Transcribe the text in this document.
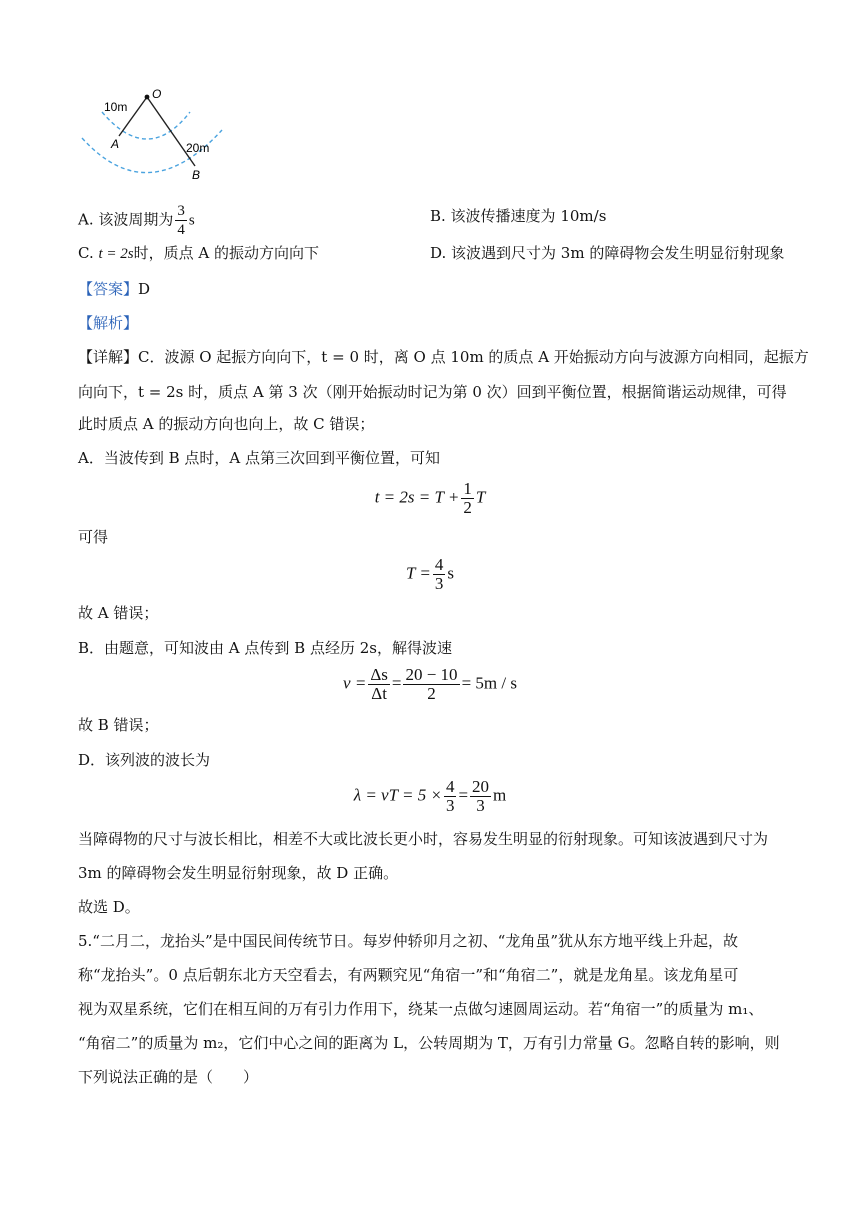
O
10m
A	20m
B
A. 该波周期为 $\frac{3}{4}$ s	B. 该波传播速度为 10m/s
C. t = 2s时，质点 A 的振动方向向下	D. 该波遇到尺寸为 3m 的障碍物会发生明显衍射现象
【答案】D
【解析】
【详解】C．波源 O 起振方向向下，t = 0 时，离 O 点 10m 的质点 A 开始振动方向与波源方向相同，起振方
向向下，t = 2s 时，质点 A 第 3 次（刚开始振动时记为第 0 次）回到平衡位置，根据简谐运动规律，可得
此时质点 A 的振动方向也向上，故 C 错误；
A．当波传到 B 点时，A 点第三次回到平衡位置，可知
$t = 2s = T + \frac{1}{2}$ T
可得
$T = \frac{4}{3}$ s
故 A 错误；
B．由题意，可知波由 A 点传到 B 点经历 2s，解得波速
$v = \frac{\Delta s}{\Delta t} = \frac{20 - 10}{2} = 5m / s$
故 B 错误；
D．该列波的波长为
λ = vT = $5 \times \frac{4}{3} = \frac{20}{3}$ m
当障碍物的尺寸与波长相比，相差不大或比波长更小时，容易发生明显的衍射现象。可知该波遇到尺寸为
3m 的障碍物会发生明显衍射现象，故 D 正确。
故选 D。
5.“二月二，龙抬头”是中国民间传统节日。每岁仲轿卯月之初、“龙角虽”犹从东方地平线上升起，故
称“龙抬头”。0 点后朝东北方天空看去，有两颗究见“角宿一”和“角宿二”，就是龙角星。该龙角星可
视为双星系统，它们在相互间的万有引力作用下，绕某一点做匀速圆周运动。若“角宿一”的质量为 m₁、
“角宿二”的质量为 m₂，它们中心之间的距离为 L，公转周期为 T，万有引力常量 G。忽略自转的影响，则
下列说法正确的是（　　）
